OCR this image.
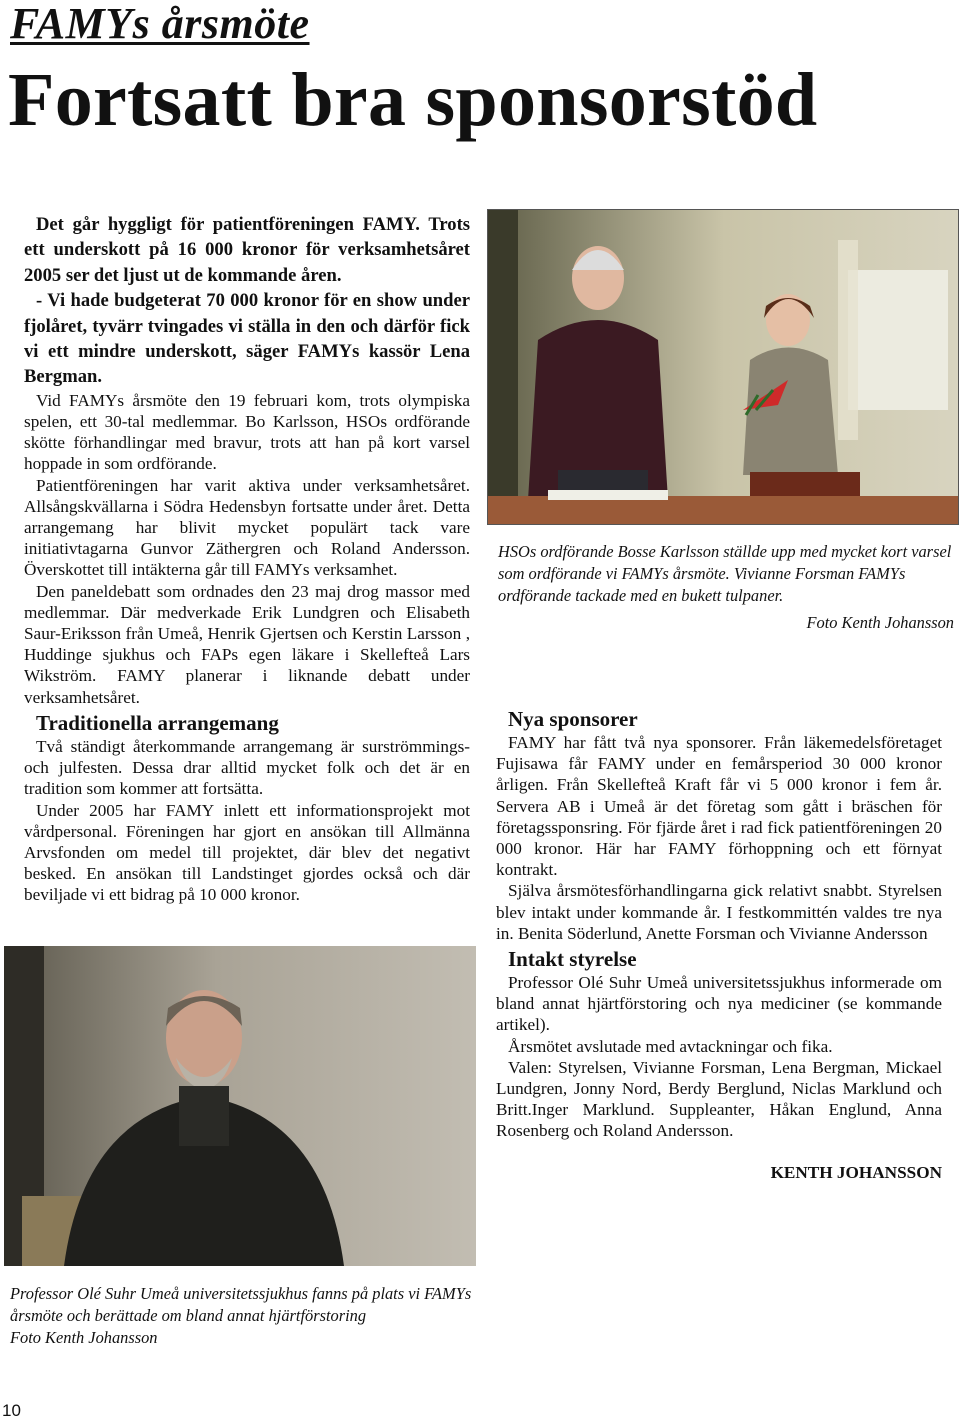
FAMYs årsmöte
Fortsatt bra sponsorstöd

Det går hyggligt för patientföreningen FAMY. Trots ett underskott på 16 000 kronor för verksamhetsåret 2005 ser det ljust ut de kommande åren.

- Vi hade budgeterat 70 000 kronor för en show under fjolåret, tyvärr tvingades vi ställa in den och därför fick vi ett mindre underskott, säger FAMYs kassör Lena Bergman.

Vid FAMYs årsmöte den 19 februari kom, trots olympiska spelen, ett 30-tal medlemmar. Bo Karlsson, HSOs ordförande skötte förhandlingar med bravur, trots att han på kort varsel hoppade in som ordförande.

Patientföreningen har varit aktiva under verksamhetsåret. Allsångskvällarna i Södra Hedensbyn fortsatte under året. Detta arrangemang har blivit mycket populärt tack vare initiativtagarna Gunvor Zäthergren och Roland Andersson. Överskottet till intäkterna går till FAMYs verksamhet.

Den paneldebatt som ordnades den 23 maj drog massor med medlemmar. Där medverkade Erik Lundgren och Elisabeth Saur-Eriksson från Umeå, Henrik Gjertsen och Kerstin Larsson , Huddinge sjukhus och FAPs egen läkare i Skellefteå Lars Wikström. FAMY planerar i liknande debatt under verksamhetsåret.

Traditionella arrangemang

Två ständigt återkommande arrangemang är surströmmings- och julfesten. Dessa drar alltid mycket folk och det är en tradition som kommer att fortsätta.

Under 2005 har FAMY inlett ett informationsprojekt mot vårdpersonal. Föreningen har gjort en ansökan till Allmänna Arvsfonden om medel till projektet, där blev det negativt besked. En ansökan till Landstinget gjordes också och där beviljade vi ett bidrag på 10 000 kronor.

HSOs ordförande Bosse Karlsson ställde upp med mycket kort varsel som ordförande vi FAMYs årsmöte. Vivianne Forsman FAMYs ordförande tackade med en bukett tulpaner.

Foto Kenth Johansson

Nya sponsorer

FAMY har fått två nya sponsorer. Från läkemedelsföretaget Fujisawa får FAMY under en femårsperiod 30 000 kronor årligen. Från Skellefteå Kraft får vi 5 000 kronor i fem år. Servera AB i Umeå är det företag som gått i bräschen för företagssponsring. För fjärde året i rad fick patientföreningen 20 000 kronor. Här har FAMY förhoppning och ett förnyat kontrakt.

Själva årsmötesförhandlingarna gick relativt snabbt. Styrelsen blev intakt under kommande år. I festkommittén valdes tre nya in. Benita Söderlund, Anette Forsman och Vivianne Andersson

Intakt styrelse

Professor Olé Suhr Umeå universitetssjukhus informerade om bland annat hjärtförstoring och nya mediciner (se kommande artikel).

Årsmötet avslutade med avtackningar och fika.

Valen: Styrelsen, Vivianne Forsman, Lena Bergman, Mickael Lundgren, Jonny Nord, Berdy Berglund, Niclas Marklund och Britt.Inger Marklund. Suppleanter, Håkan Englund, Anna Rosenberg och Roland Andersson.

KENTH JOHANSSON

Professor Olé Suhr Umeå universitetssjukhus fanns på plats vi FAMYs årsmöte och berättade om bland annat hjärtförstoring

Foto Kenth Johansson

10
